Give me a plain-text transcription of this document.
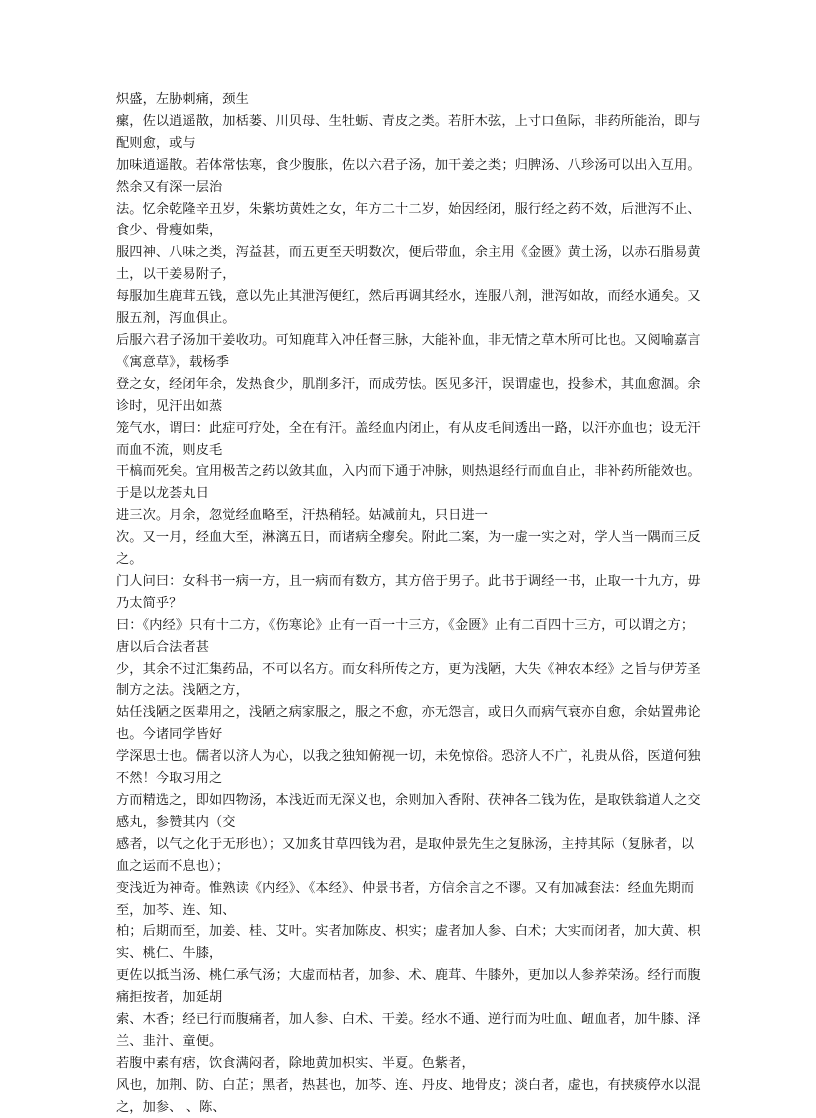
炽盛，左胁刺痛，颈生
瘰，佐以逍遥散，加栝蒌、川贝母、生牡蛎、青皮之类。若肝木弦，上寸口鱼际，非药所能治，即与 配则愈，或与
加味逍遥散。若体常怯寒，食少腹胀，佐以六君子汤，加干姜之类；归脾汤、八珍汤可以出入互用。然余又有深一层治
法。忆余乾隆辛丑岁，朱紫坊黄姓之女，年方二十二岁，始因经闭，服行经之药不效，后泄泻不止、食少、骨瘦如柴，
服四神、八味之类，泻益甚，而五更至天明数次，便后带血，余主用《金匮》黄土汤，以赤石脂易黄土，以干姜易附子，
每服加生鹿茸五钱，意以先止其泄泻便红，然后再调其经水，连服八剂，泄泻如故，而经水通矣。又服五剂，泻血俱止。
后服六君子汤加干姜收功。可知鹿茸入冲任督三脉，大能补血，非无情之草木所可比也。又阅喻嘉言《寓意草》，载杨季
登之女，经闭年余，发热食少，肌削多汗，而成劳怯。医见多汗，误谓虚也，投参术，其血愈涸。余诊时，见汗出如蒸
笼气水，谓曰：此症可疗处，全在有汗。盖经血内闭止，有从皮毛间透出一路，以汗亦血也；设无汗而血不流，则皮毛
干槁而死矣。宜用极苦之药以敛其血，入内而下通于冲脉，则热退经行而血自止，非补药所能效也。于是以龙荟丸日
进三次。月余，忽觉经血略至，汗热稍轻。姑减前丸，只日进一
次。又一月，经血大至，淋漓五日，而诸病全瘳矣。附此二案，为一虚一实之对，学人当一隅而三反之。
门人问曰：女科书一病一方，且一病而有数方，其方倍于男子。此书于调经一书，止取一十九方，毋乃太简乎？
曰：《内经》只有十二方，《伤寒论》止有一百一十三方，《金匮》止有二百四十三方，可以谓之方；唐以后合法者甚
少，其余不过汇集药品，不可以名方。而女科所传之方，更为浅陋，大失《神农本经》之旨与伊芳圣制方之法。浅陋之方，
姑任浅陋之医辈用之，浅陋之病家服之，服之不愈，亦无怨言，或日久而病气衰亦自愈，余姑置弗论也。今诸同学皆好
学深思士也。儒者以济人为心，以我之独知俯视一切，未免惊俗。恐济人不广，礼贵从俗，医道何独不然！今取习用之
方而精选之，即如四物汤，本浅近而无深义也，余则加入香附、茯神各二钱为佐，是取铁翁道人之交感丸，参赞其内（交
感者，以气之化于无形也）；又加炙甘草四钱为君，是取仲景先生之复脉汤，主持其际（复脉者，以血之运而不息也）；
变浅近为神奇。惟熟读《内经》、《本经》、仲景书者，方信余言之不谬。又有加减套法：经血先期而至，加芩、连、知、
柏；后期而至，加姜、桂、艾叶。实者加陈皮、枳实；虚者加人参、白术；大实而闭者，加大黄、枳实、桃仁、牛膝，
更佐以抵当汤、桃仁承气汤；大虚而枯者，加参、术、鹿茸、牛膝外，更加以人参养荣汤。经行而腹痛拒按者，加延胡
索、木香；经已行而腹痛者，加人参、白术、干姜。经水不通、逆行而为吐血、衄血者，加牛膝、泽兰、韭汁、童便。
若腹中素有痞，饮食满闷者，除地黄加枳实、半夏。色紫者，
风也，加荆、防、白芷；黑者，热甚也，加芩、连、丹皮、地骨皮；淡白者，虚也，有挟痰停水以混之，加参、 、陈、
